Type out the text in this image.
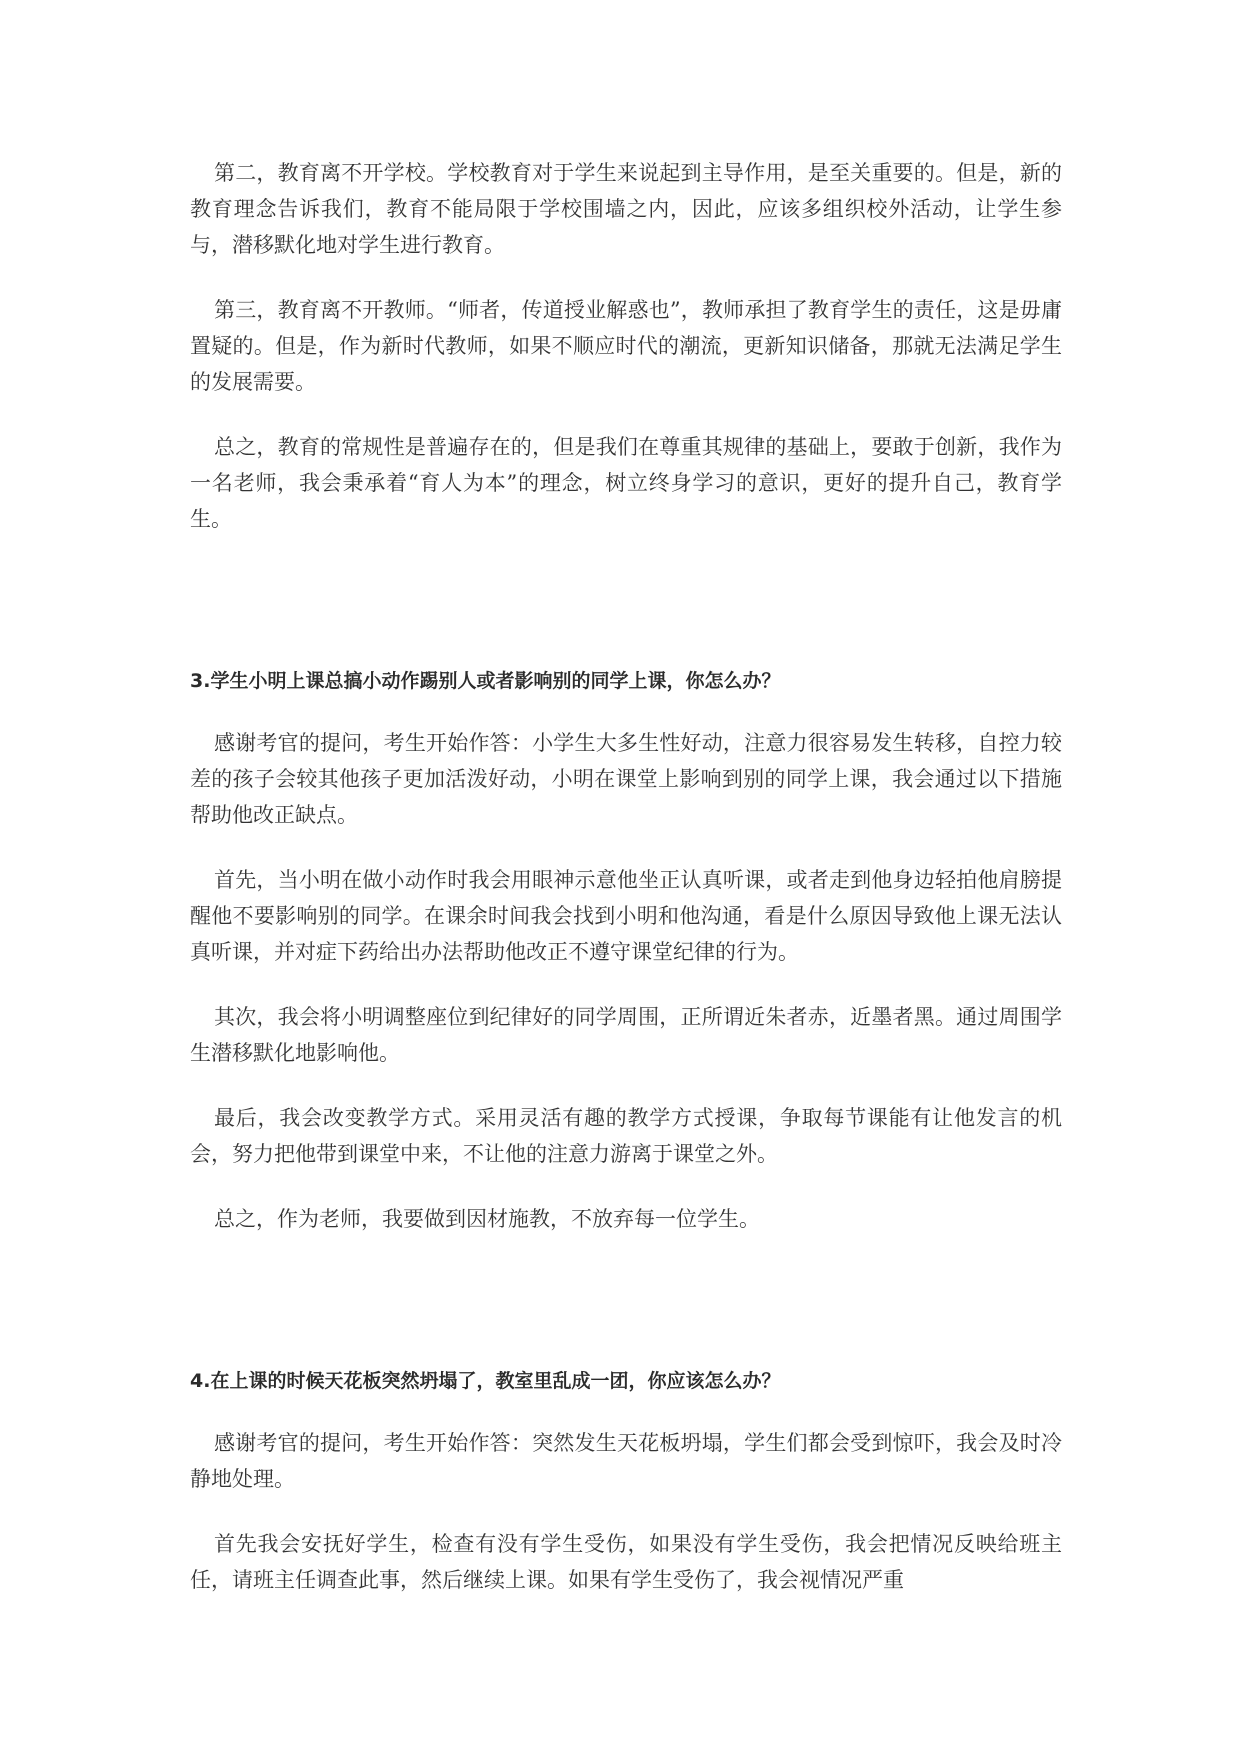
第二，教育离不开学校。学校教育对于学生来说起到主导作用，是至关重要的。但是，新的教育理念告诉我们，教育不能局限于学校围墙之内，因此，应该多组织校外活动，让学生参与，潜移默化地对学生进行教育。

第三，教育离不开教师。“师者，传道授业解惑也”，教师承担了教育学生的责任，这是毋庸置疑的。但是，作为新时代教师，如果不顺应时代的潮流，更新知识储备，那就无法满足学生的发展需要。

总之，教育的常规性是普遍存在的，但是我们在尊重其规律的基础上，要敢于创新，我作为一名老师，我会秉承着“育人为本”的理念，树立终身学习的意识，更好的提升自己，教育学生。

3.学生小明上课总搞小动作踢别人或者影响别的同学上课，你怎么办？

感谢考官的提问，考生开始作答：小学生大多生性好动，注意力很容易发生转移，自控力较差的孩子会较其他孩子更加活泼好动，小明在课堂上影响到别的同学上课，我会通过以下措施帮助他改正缺点。

首先，当小明在做小动作时我会用眼神示意他坐正认真听课，或者走到他身边轻拍他肩膀提醒他不要影响别的同学。在课余时间我会找到小明和他沟通，看是什么原因导致他上课无法认真听课，并对症下药给出办法帮助他改正不遵守课堂纪律的行为。

其次，我会将小明调整座位到纪律好的同学周围，正所谓近朱者赤，近墨者黑。通过周围学生潜移默化地影响他。

最后，我会改变教学方式。采用灵活有趣的教学方式授课，争取每节课能有让他发言的机会，努力把他带到课堂中来，不让他的注意力游离于课堂之外。

总之，作为老师，我要做到因材施教，不放弃每一位学生。

4.在上课的时候天花板突然坍塌了，教室里乱成一团，你应该怎么办？

感谢考官的提问，考生开始作答：突然发生天花板坍塌，学生们都会受到惊吓，我会及时冷静地处理。

首先我会安抚好学生，检查有没有学生受伤，如果没有学生受伤，我会把情况反映给班主任，请班主任调查此事，然后继续上课。如果有学生受伤了，我会视情况严重
